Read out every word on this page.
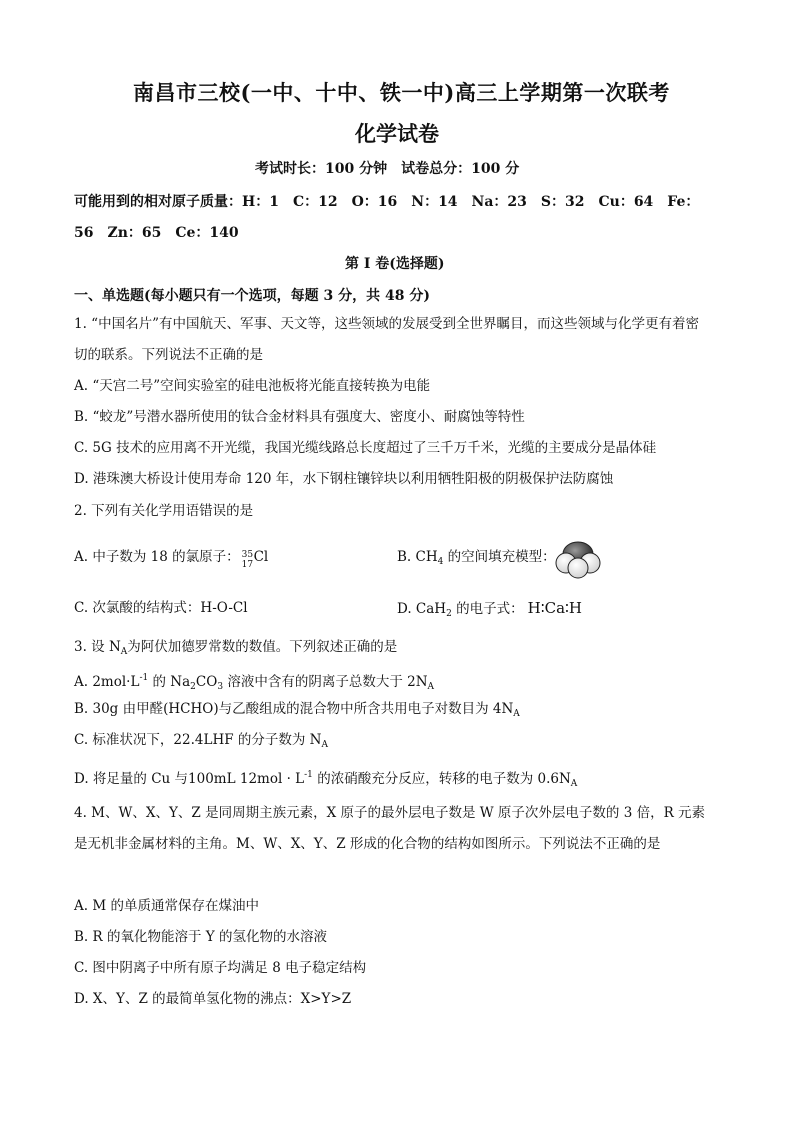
南昌市三校(一中、十中、铁一中)高三上学期第一次联考
化学试卷
考试时长：100 分钟　试卷总分：100 分
可能用到的相对原子质量：H：1　C：12　O：16　N：14　Na：23　S：32　Cu：64　Fe：
56　Zn：65　Ce：140
第 I 卷(选择题)
一、单选题(每小题只有一个选项，每题 3 分，共 48 分)
1. “中国名片”有中国航天、军事、天文等，这些领域的发展受到全世界瞩目，而这些领域与化学更有着密
切的联系。下列说法不正确的是
A. “天宫二号”空间实验室的硅电池板将光能直接转换为电能
B. “蛟龙”号潜水器所使用的钛合金材料具有强度大、密度小、耐腐蚀等特性
C. 5G 技术的应用离不开光缆，我国光缆线路总长度超过了三千万千米，光缆的主要成分是晶体硅
D. 港珠澳大桥设计使用寿命 120 年，水下钢柱镶锌块以利用牺牲阳极的阴极保护法防腐蚀
2. 下列有关化学用语错误的是
A. 中子数为 18 的氯原子： 35
17 Cl	B. $CH_4$ 的空间填充模型：
C. 次氯酸的结构式：H-O-Cl	D. CaH$_2$ 的电子式： H∶Ca∶H
3. 设 $N_A$为阿伏加德罗常数的数值。下列叙述正确的是
A. $2mol\cdot L^{-1}$ 的 $Na_2CO_3$ 溶液中含有的阴离子总数大于 $2N_A$
B. 30g 由甲醛(HCHO)与乙酸组成的混合物中所含共用电子对数目为 $4N_A$
C. 标准状况下，22.4LHF 的分子数为 $N_A$
D. 将足量的 Cu 与100mL $12mol \cdot L^{-1}$ 的浓硝酸充分反应，转移的电子数为 $0.6N_A$
4. M、W、X、Y、Z 是同周期主族元素，X 原子的最外层电子数是 W 原子次外层电子数的 3 倍，R 元素
是无机非金属材料的主角。M、W、X、Y、Z 形成的化合物的结构如图所示。下列说法不正确的是
A. M 的单质通常保存在煤油中
B. R 的氧化物能溶于 Y 的氢化物的水溶液
C. 图中阴离子中所有原子均满足 8 电子稳定结构
D. X、Y、Z 的最简单氢化物的沸点：X>Y>Z
